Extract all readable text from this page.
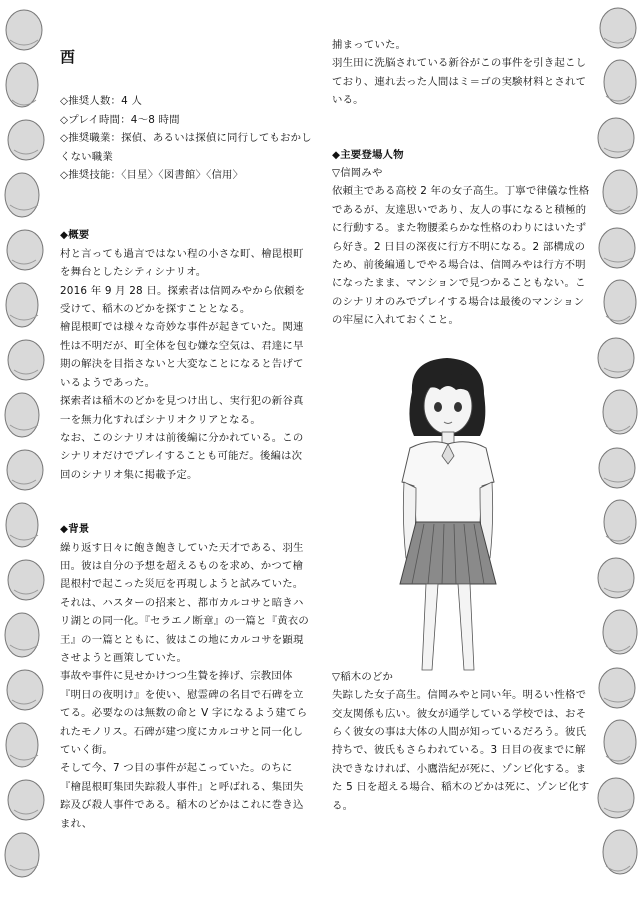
酉

◇推奨人数：4 人

◇プレイ時間：4〜8 時間

◇推奨職業：探偵、あるいは探偵に同行してもおかしくない職業

◇推奨技能：〈目星〉〈図書館〉〈信用〉

◆概要

村と言っても過言ではない程の小さな町、檜毘根町を舞台としたシティシナリオ。

2016 年 9 月 28 日。探索者は信岡みやから依頼を受けて、稲木のどかを探すこととなる。

檜毘根町では様々な奇妙な事件が起きていた。関連性は不明だが、町全体を包む嫌な空気は、君達に早期の解決を目指さないと大変なことになると告げているようであった。

探索者は稲木のどかを見つけ出し、実行犯の新谷真一を無力化すればシナリオクリアとなる。

なお、このシナリオは前後編に分かれている。このシナリオだけでプレイすることも可能だ。後編は次回のシナリオ集に掲載予定。

◆背景

繰り返す日々に飽き飽きしていた天才である、羽生田。彼は自分の予想を超えるものを求め、かつて檜毘根村で起こった災厄を再現しようと試みていた。

それは、ハスターの招来と、都市カルコサと暗きハリ湖との同一化。『セラエノ断章』の一篇と『黄衣の王』の一篇とともに、彼はこの地にカルコサを顕現させようと画策していた。

事故や事件に見せかけつつ生贄を捧げ、宗教団体『明日の夜明け』を使い、慰霊碑の名目で石碑を立てる。必要なのは無数の命と V 字になるよう建てられたモノリス。石碑が建つ度にカルコサと同一化していく街。

そして今、7 つ目の事件が起こっていた。のちに『檜毘根町集団失踪殺人事件』と呼ばれる、集団失踪及び殺人事件である。稲木のどかはこれに巻き込まれ、

捕まっていた。

羽生田に洗脳されている新谷がこの事件を引き起こしており、連れ去った人間はミ＝ゴの実験材料とされている。

◆主要登場人物

▽信岡みや

依頼主である高校 2 年の女子高生。丁寧で律儀な性格であるが、友達思いであり、友人の事になると積極的に行動する。また物腰柔らかな性格のわりにはいたずら好き。2 日目の深夜に行方不明になる。2 部構成のため、前後編通しでやる場合は、信岡みやは行方不明になったまま、マンションで見つかることもない。このシナリオのみでプレイする場合は最後のマンションの牢屋に入れておくこと。

▽稲木のどか

失踪した女子高生。信岡みやと同い年。明るい性格で交友関係も広い。彼女が通学している学校では、おそらく彼女の事は大体の人間が知っているだろう。彼氏持ちで、彼氏もさらわれている。3 日目の夜までに解決できなければ、小鷹浩紀が死に、ゾンビ化する。また 5 日を超える場合、稲木のどかは死に、ゾンビ化する。
